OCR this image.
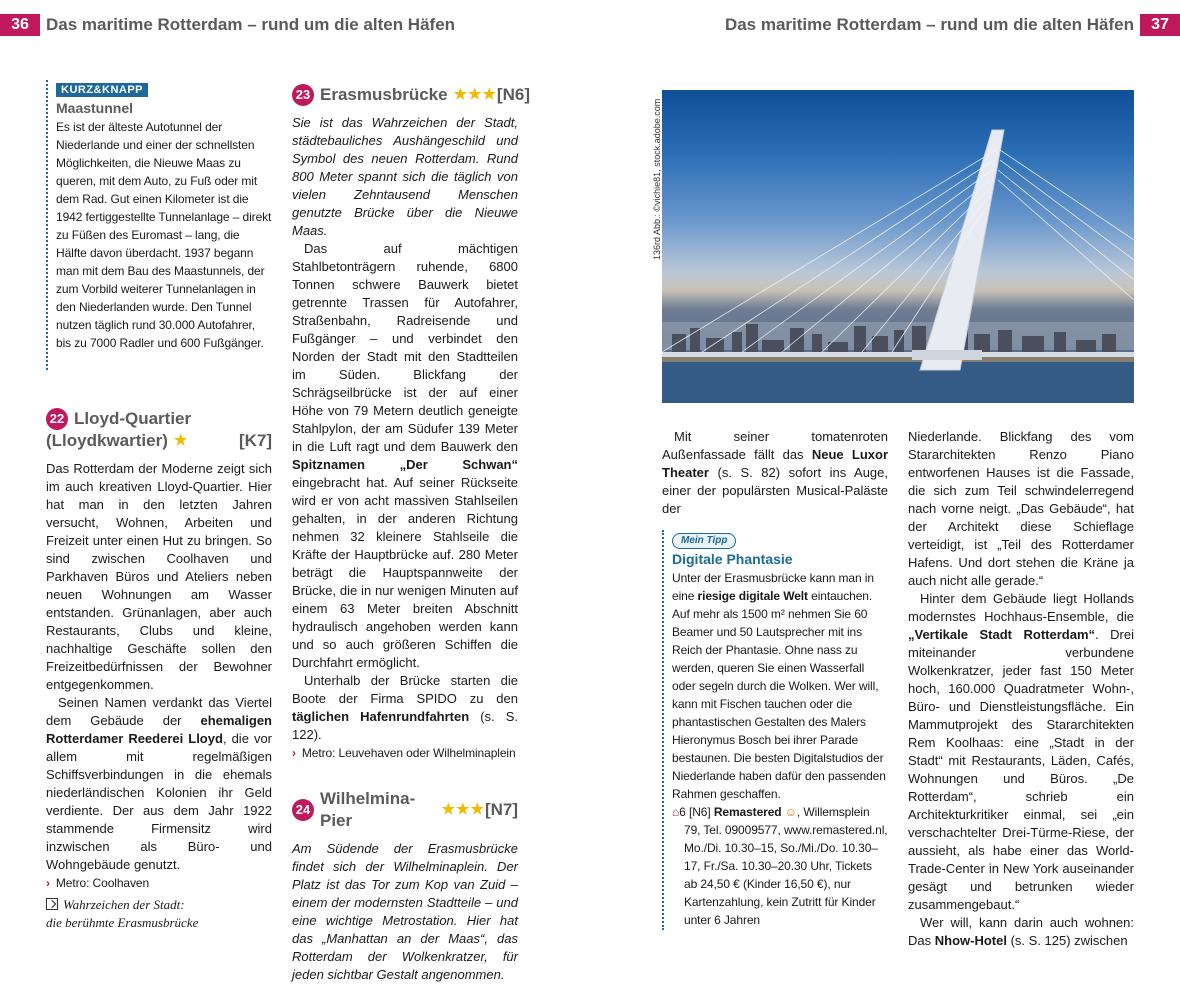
36	Das maritime Rotterdam – rund um die alten Häfen	Das maritime Rotterdam – rund um die alten Häfen	37
KURZ&KNAPP
Maastunnel
Es ist der älteste Autotunnel der Niederlande und einer der schnellsten Möglichkeiten, die Nieuwe Maas zu queren, mit dem Auto, zu Fuß oder mit dem Rad. Gut einen Kilometer ist die 1942 fertiggestellte Tunnelanlage – direkt zu Füßen des Euromast – lang, die Hälfte davon überdacht. 1937 begann man mit dem Bau des Maastunnels, der zum Vorbild weiterer Tunnelanlagen in den Niederlanden wurde. Den Tunnel nutzen täglich rund 30.000 Autofahrer, bis zu 7000 Radler und 600 Fußgänger.
22 Lloyd-Quartier
(Lloydkwartier) ★	[K7]

Das Rotterdam der Moderne zeigt sich im auch kreativen Lloyd-Quartier. Hier hat man in den letzten Jahren versucht, Wohnen, Arbeiten und Freizeit unter einen Hut zu bringen. So sind zwischen Coolhaven und Parkhaven Büros und Ateliers neben neuen Wohnungen am Wasser entstanden. Grünanlagen, aber auch Restaurants, Clubs und kleine, nachhaltige Geschäfte sollen den Freizeitbedürfnissen der Bewohner entgegenkommen.

Seinen Namen verdankt das Viertel dem Gebäude der ehemaligen Rotterdamer Reederei Lloyd, die vor allem mit regelmäßigen Schiffsverbindungen in die ehemals niederländischen Kolonien ihr Geld verdiente. Der aus dem Jahr 1922 stammende Firmensitz wird inzwischen als Büro- und Wohngebäude genutzt.

› Metro: Coolhaven
Wahrzeichen der Stadt:
die berühmte Erasmusbrücke
23 Erasmusbrücke ★★★ [N6]

Sie ist das Wahrzeichen der Stadt, städtebauliches Aushängeschild und Symbol des neuen Rotterdam. Rund 800 Meter spannt sich die täglich von vielen Zehntausend Menschen genutzte Brücke über die Nieuwe Maas.

Das auf mächtigen Stahlbetonträgern ruhende, 6800 Tonnen schwere Bauwerk bietet getrennte Trassen für Autofahrer, Straßenbahn, Radreisende und Fußgänger – und verbindet den Norden der Stadt mit den Stadtteilen im Süden. Blickfang der Schrägseilbrücke ist der auf einer Höhe von 79 Metern deutlich geneigte Stahlpylon, der am Südufer 139 Meter in die Luft ragt und dem Bauwerk den Spitznamen „Der Schwan“ eingebracht hat. Auf seiner Rückseite wird er von acht massiven Stahlseilen gehalten, in der anderen Richtung nehmen 32 kleinere Stahlseile die Kräfte der Hauptbrücke auf. 280 Meter beträgt die Hauptspannweite der Brücke, die in nur wenigen Minuten auf einem 63 Meter breiten Abschnitt hydraulisch angehoben werden kann und so auch größeren Schiffen die Durchfahrt ermöglicht.

Unterhalb der Brücke starten die Boote der Firma SPIDO zu den täglichen Hafenrundfahrten (s. S. 122).

› Metro: Leuvehaven oder Wilhelminaplein
24
Wilhelmina-Pier
★★★ [N7]

Am Südende der Erasmusbrücke findet sich der Wilhelminaplein. Der Platz ist das Tor zum Kop van Zuid – einem der modernsten Stadtteile – und eine wichtige Metrostation. Hier hat das „Manhattan an der Maas“, das Rotterdam der Wolkenkratzer, für jeden sichtbar Gestalt angenommen.

136rd Abb.: ©vichie81, stock.adobe.com

Mit seiner tomatenroten Außenfassade fällt das Neue Luxor Theater (s. S. 82) sofort ins Auge, einer der populärsten Musical-Paläste der

Mein Tipp
Digitale Phantasie
Unter der Erasmusbrücke kann man in eine riesige digitale Welt eintauchen. Auf mehr als 1500 m² nehmen Sie 60 Beamer und 50 Lautsprecher mit ins Reich der Phantasie. Ohne nass zu werden, queren Sie einen Wasserfall oder segeln durch die Wolken. Wer will, kann mit Fischen tauchen oder die phantastischen Gestalten des Malers Hieronymus Bosch bei ihrer Parade bestaunen. Die besten Digitalstudios der Niederlande haben dafür den passenden Rahmen geschaffen.
⌂6 [N6] Remastered ☺, Willemsplein 79, Tel. 09009577, www.remastered.nl, Mo./Di. 10.30–15, So./Mi./Do. 10.30–17, Fr./Sa. 10.30–20.30 Uhr, Tickets ab 24,50 € (Kinder 16,50 €), nur Kartenzahlung, kein Zutritt für Kinder unter 6 Jahren

Niederlande. Blickfang des vom Stararchitekten Renzo Piano entworfenen Hauses ist die Fassade, die sich zum Teil schwindelerregend nach vorne neigt. „Das Gebäude“, hat der Architekt diese Schieflage verteidigt, ist „Teil des Rotterdamer Hafens. Und dort stehen die Kräne ja auch nicht alle gerade.“

Hinter dem Gebäude liegt Hollands modernstes Hochhaus-Ensemble, die „Vertikale Stadt Rotterdam“. Drei miteinander verbundene Wolkenkratzer, jeder fast 150 Meter hoch, 160.000 Quadratmeter Wohn-, Büro- und Dienstleistungsfläche. Ein Mammutprojekt des Stararchitekten Rem Koolhaas: eine „Stadt in der Stadt“ mit Restaurants, Läden, Cafés, Wohnungen und Büros. „De Rotterdam“, schrieb ein Architekturkritiker einmal, sei „ein verschachtelter Drei-Türme-Riese, der aussieht, als habe einer das World-Trade-Center in New York auseinander gesägt und betrunken wieder zusammengebaut.“

Wer will, kann darin auch wohnen: Das Nhow-Hotel (s. S. 125) zwischen
